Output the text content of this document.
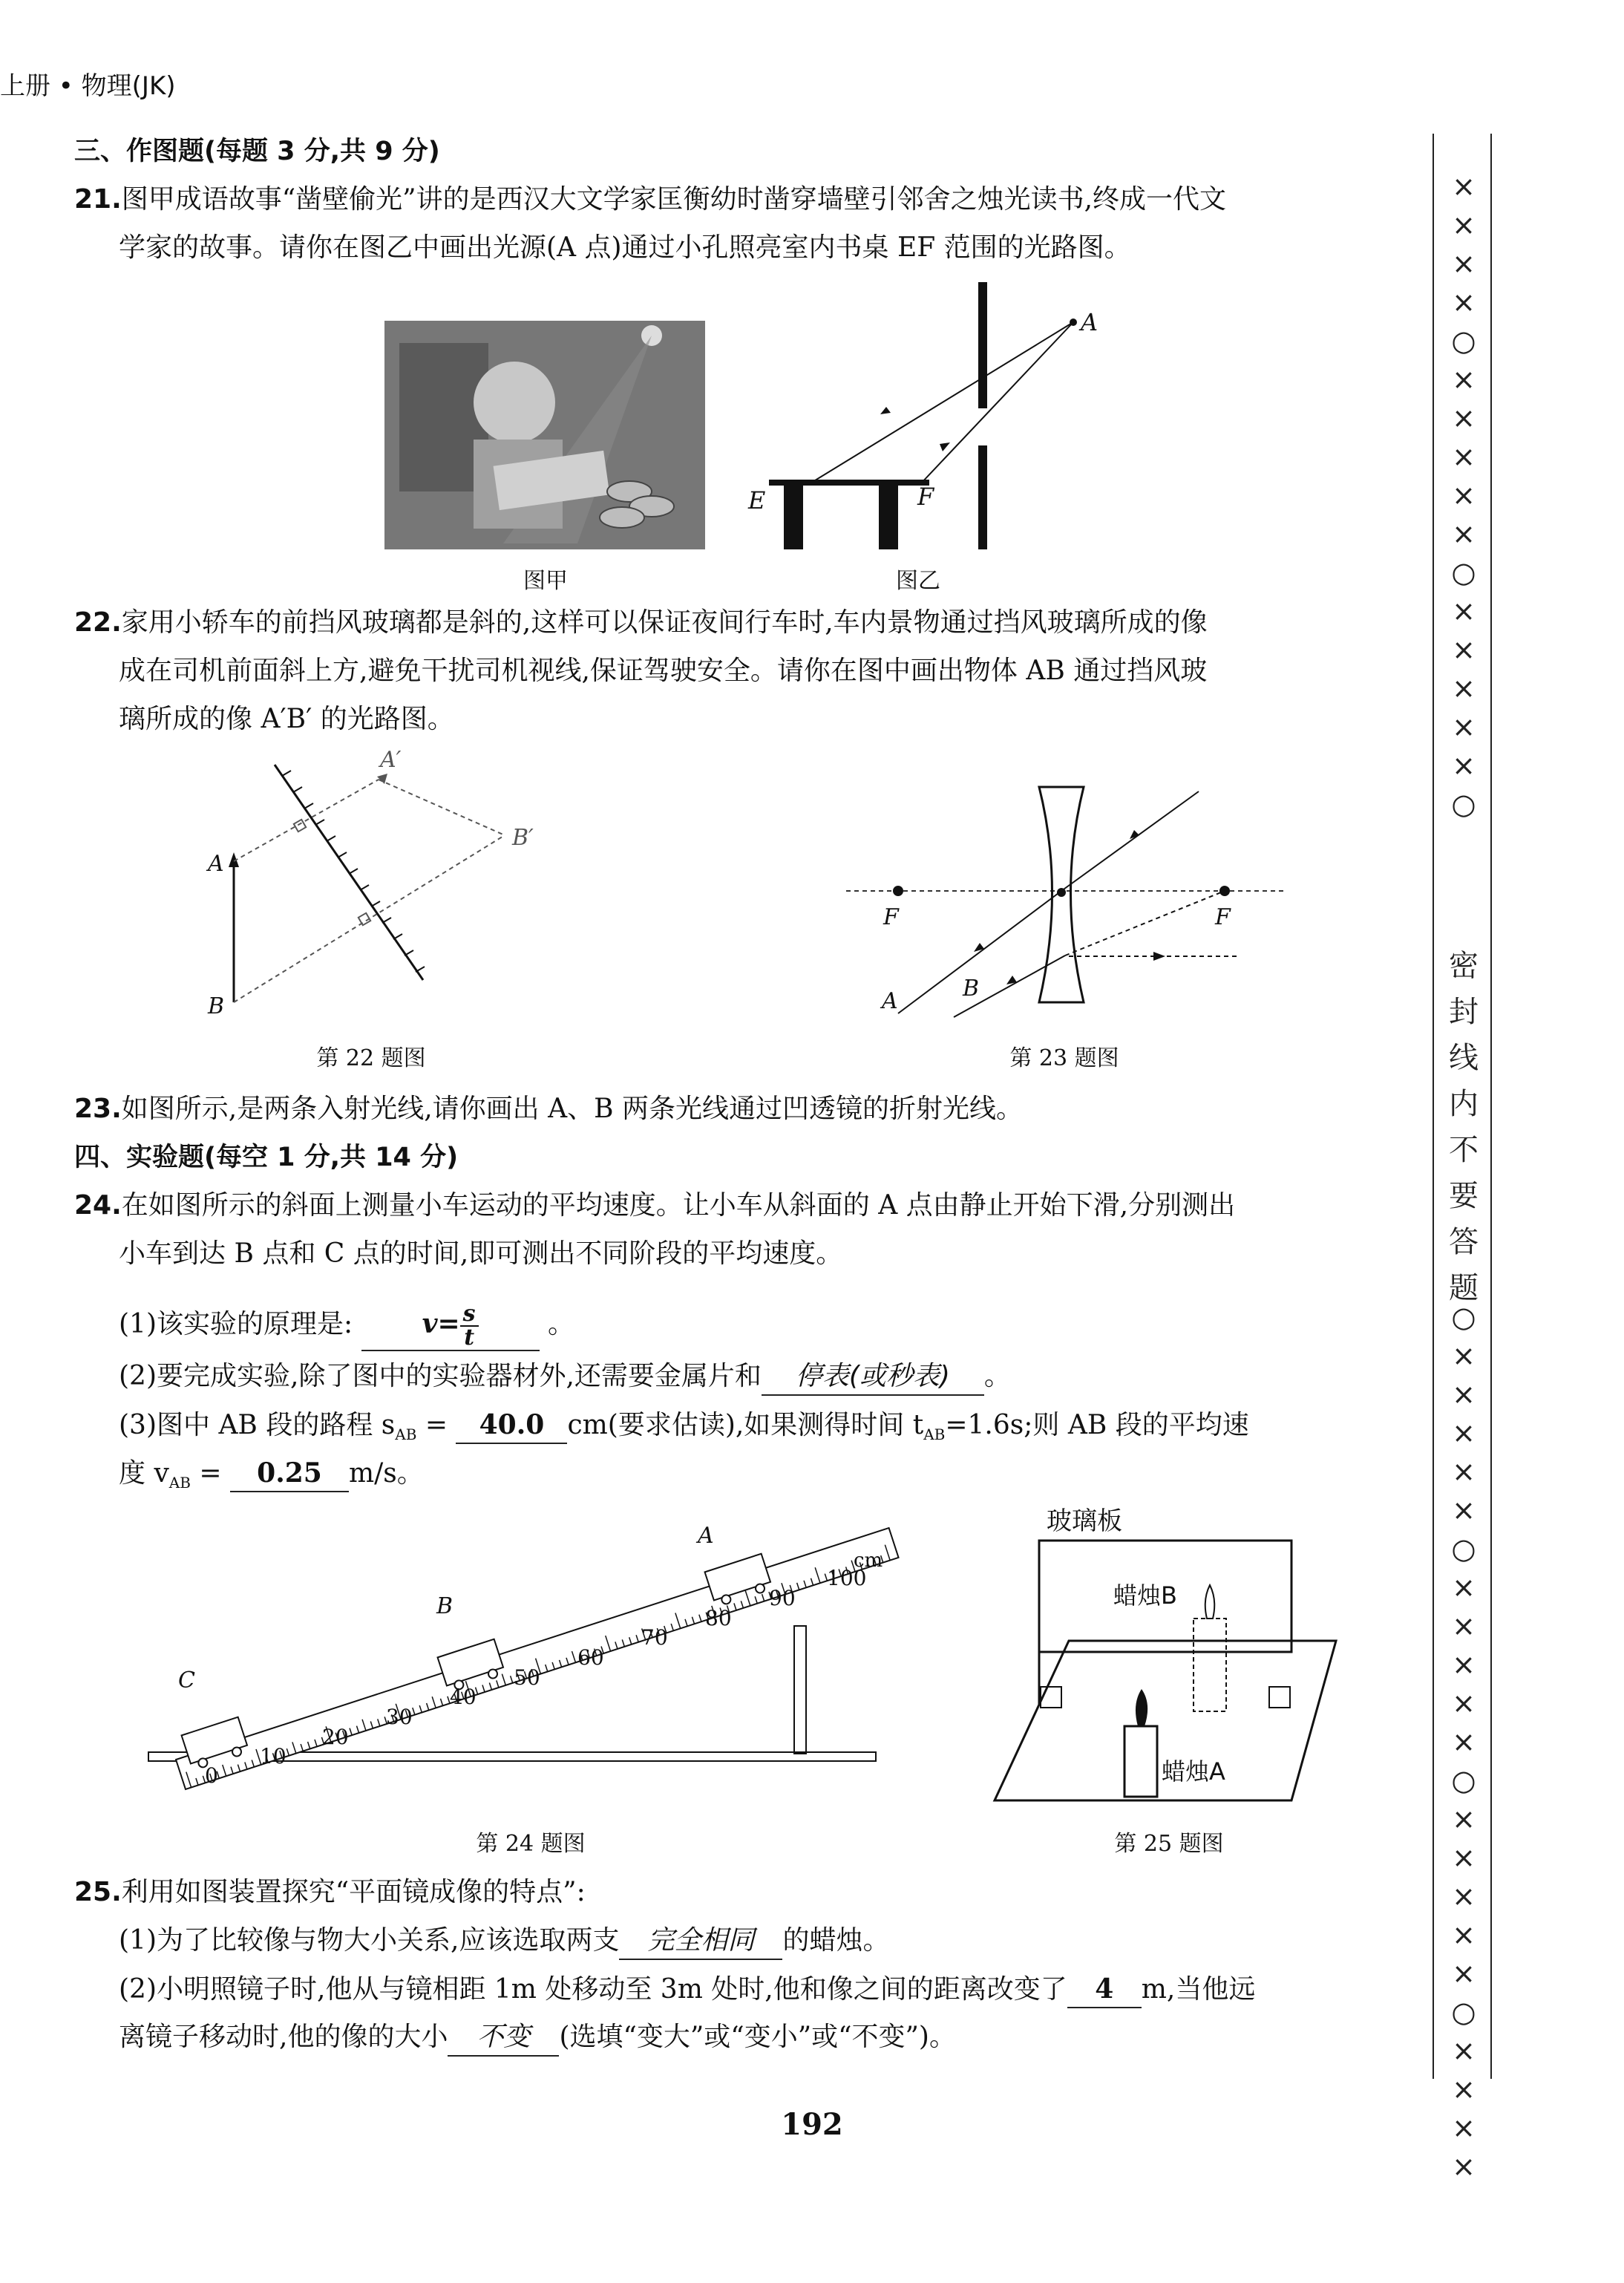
上册 • 物理(JK)
三、作图题(每题 3 分,共 9 分)
21.图甲成语故事“凿壁偷光”讲的是西汉大文学家匡衡幼时凿穿墙壁引邻舍之烛光读书,终成一代文
学家的故事。请你在图乙中画出光源(A 点)通过小孔照亮室内书桌 EF 范围的光路图。
图甲
A
E	F
图乙
22.家用小轿车的前挡风玻璃都是斜的,这样可以保证夜间行车时,车内景物通过挡风玻璃所成的像
成在司机前面斜上方,避免干扰司机视线,保证驾驶安全。请你在图中画出物体 AB 通过挡风玻
璃所成的像 A′B′ 的光路图。
A
B
A′
B′
第 22 题图
F	F
A	B
第 23 题图
23.如图所示,是两条入射光线,请你画出 A、B 两条光线通过凹透镜的折射光线。
四、实验题(每空 1 分,共 14 分)
24.在如图所示的斜面上测量小车运动的平均速度。让小车从斜面的 A 点由静止开始下滑,分别测出
小车到达 B 点和 C 点的时间,即可测出不同阶段的平均速度。
(1)该实验的原理是:	$v= \frac{s}{t}$	。
(2)要完成实验,除了图中的实验器材外,还需要金属片和 停表(或秒表) 。
(3)图中 AB 段的路程 $s_{AB} = 40.0$ cm(要求估读),如果测得时间 $t_{AB}=1.6s$;则 AB 段的平均速
度 $v_{AB} = 0.25$ m/s。
0
10
20
30
40
50
60
70
80
90
100
cm
A
B
C
第 24 题图
玻璃板
蜡烛B
蜡烛A
第 25 题图
25.利用如图装置探究“平面镜成像的特点”:
(1)为了比较像与物大小关系,应该选取两支 完全相同 的蜡烛。
(2)小明照镜子时,他从与镜相距 1m 处移动至 3m 处时,他和像之间的距离改变了 4 m,当他远
离镜子移动时,他的像的大小 不变 (选填“变大”或“变小”或“不变”)。
192
×
×
×
×
○
×
×
×
×
×
○
×
×
×
×
×
○
密
封
线
内
不
要
答
题
○
×
×
×
×
×
○
×
×
×
×
×
○
×
×
×
×
×
○
×
×
×
×
